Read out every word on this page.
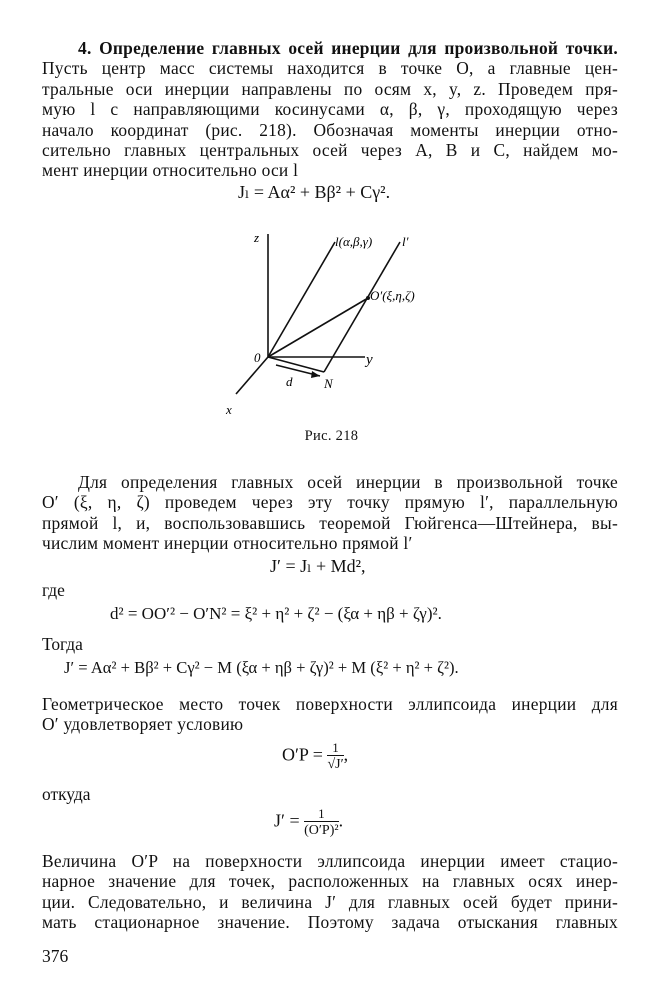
4. Определение главных осей инерции для произвольной точки.
Пусть центр масс системы находится в точке O, а главные цен-
тральные оси инерции направлены по осям x, y, z. Проведем пря-
мую l с направляющими косинусами α, β, γ, проходящую через
начало координат (рис. 218). Обозначая моменты инерции отно-
сительно главных центральных осей через A, B и C, найдем мо-
мент инерции относительно оси l
Jₗ = Aα² + Bβ² + Cγ².
z	l(α,β,γ) l′
O′(ξ,η,ζ)
0	y
d N
x
Рис. 218
Для определения главных осей инерции в произвольной точке
O′ (ξ, η, ζ) проведем через эту точку прямую l′, параллельную
прямой l, и, воспользовавшись теоремой Гюйгенса—Штейнера, вы-
числим момент инерции относительно прямой l′
J′ = Jₗ + Md²,
где
d² = OO′² − O′N² = ξ² + η² + ζ² − (ξα + ηβ + ζγ)².
Тогда
J′ = Aα² + Bβ² + Cγ² − M (ξα + ηβ + ζγ)² + M (ξ² + η² + ζ²).
Геометрическое место точек поверхности эллипсоида инерции для
O′ удовлетворяет условию
$O'P = \frac{1}{√J'}$ ,
откуда
$J' = \frac{1}{\text{(O′P)²}}$ .
Величина O′P на поверхности эллипсоида инерции имеет стацио-
нарное значение для точек, расположенных на главных осях инер-
ции. Следовательно, и величина J′ для главных осей будет прини-
мать стационарное значение. Поэтому задача отыскания главных
376
